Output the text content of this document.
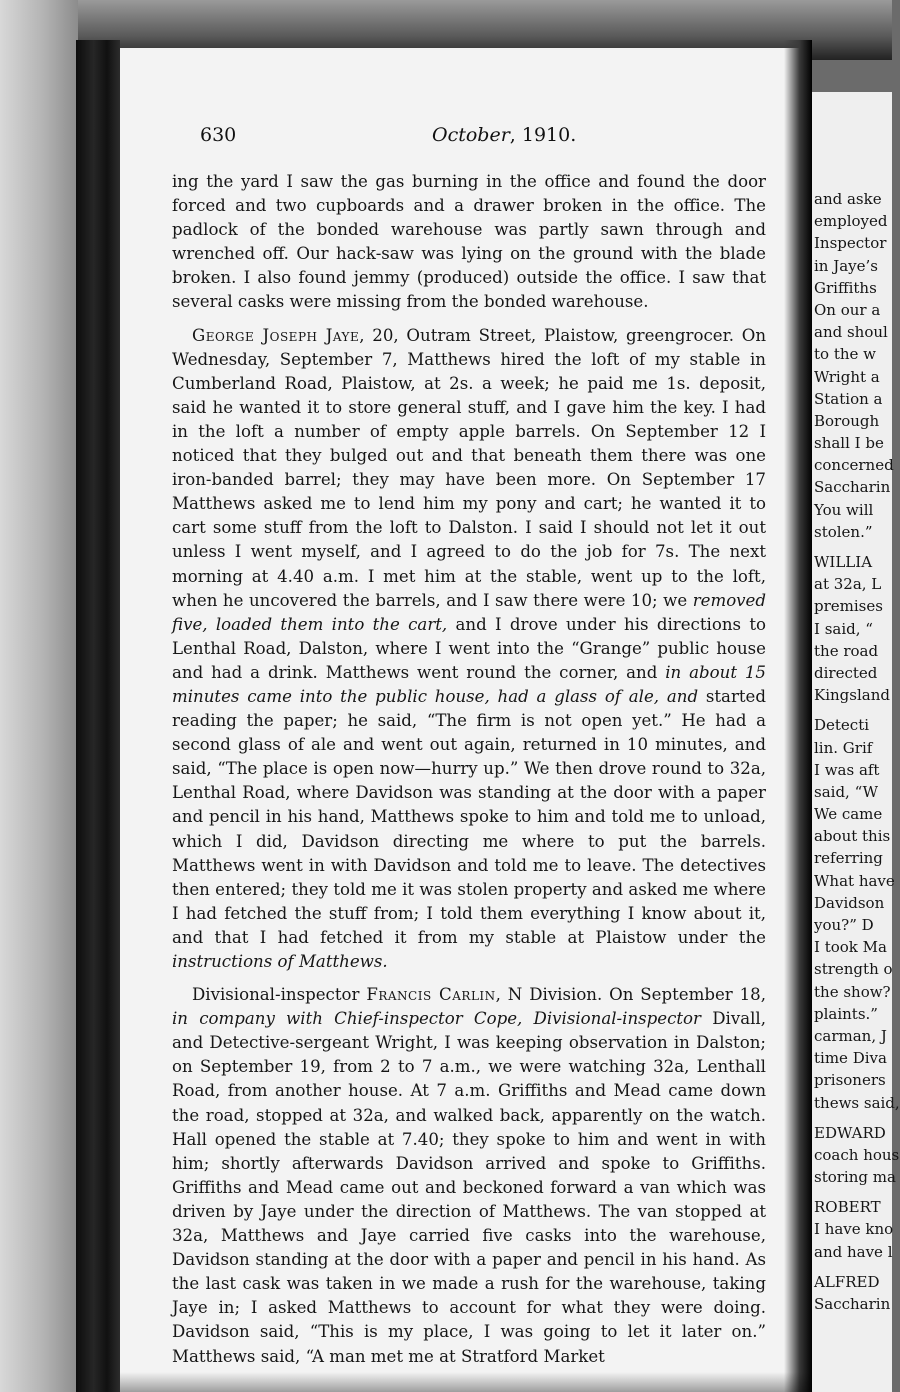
630	October, 1910.

ing the yard I saw the gas burning in the office and found the door forced and two cupboards and a drawer broken in the office. The padlock of the bonded warehouse was partly sawn through and wrenched off. Our hack-saw was lying on the ground with the blade broken. I also found jemmy (produced) outside the office. I saw that several casks were missing from the bonded warehouse.

George Joseph Jaye, 20, Outram Street, Plaistow, greengrocer. On Wednesday, September 7, Matthews hired the loft of my stable in Cumberland Road, Plaistow, at 2s. a week; he paid me 1s. deposit, said he wanted it to store general stuff, and I gave him the key. I had in the loft a number of empty apple barrels. On September 12 I noticed that they bulged out and that beneath them there was one iron-banded barrel; they may have been more. On September 17 Matthews asked me to lend him my pony and cart; he wanted it to cart some stuff from the loft to Dalston. I said I should not let it out unless I went myself, and I agreed to do the job for 7s. The next morning at 4.40 a.m. I met him at the stable, went up to the loft, when he uncovered the barrels, and I saw there were 10; we removed five, loaded them into the cart, and I drove under his directions to Lenthal Road, Dalston, where I went into the “Grange” public house and had a drink. Matthews went round the corner, and in about 15 minutes came into the public house, had a glass of ale, and started reading the paper; he said, “The firm is not open yet.” He had a second glass of ale and went out again, returned in 10 minutes, and said, “The place is open now—hurry up.” We then drove round to 32a, Lenthal Road, where Davidson was standing at the door with a paper and pencil in his hand, Matthews spoke to him and told me to unload, which I did, Davidson directing me where to put the barrels. Matthews went in with Davidson and told me to leave. The detectives then entered; they told me it was stolen property and asked me where I had fetched the stuff from; I told them everything I know about it, and that I had fetched it from my stable at Plaistow under the instructions of Matthews.

Divisional-inspector Francis Carlin, N Division. On September 18, in company with Chief-inspector Cope, Divisional-inspector Divall, and Detective-sergeant Wright, I was keeping observation in Dalston; on September 19, from 2 to 7 a.m., we were watching 32a, Lenthall Road, from another house. At 7 a.m. Griffiths and Mead came down the road, stopped at 32a, and walked back, apparently on the watch. Hall opened the stable at 7.40; they spoke to him and went in with him; shortly afterwards Davidson arrived and spoke to Griffiths. Griffiths and Mead came out and beckoned forward a van which was driven by Jaye under the direction of Matthews. The van stopped at 32a, Matthews and Jaye carried five casks into the warehouse, Davidson standing at the door with a paper and pencil in his hand. As the last cask was taken in we made a rush for the warehouse, taking Jaye in; I asked Matthews to account for what they were doing. Davidson said, “This is my place, I was going to let it later on.” Matthews said, “A man met me at Stratford Market

and aske
employed
Inspector
in Jaye’s
Griffiths
On our a
and shoul
to the w
Wright a
Station a
Borough
shall I be
concerned
Saccharin
You will
stolen.”
WILLIA
at 32a, L
premises
I said, “
the road
directed
Kingsland
Detecti
lin. Grif
I was aft
said, “W
We came
about this
referring
What have
Davidson
you?” D
I took Ma
strength o
the show?
plaints.”
carman, J
time Diva
prisoners
thews said,
EDWARD
coach hous
storing ma
ROBERT
I have kno
and have l
ALFRED
Saccharin
